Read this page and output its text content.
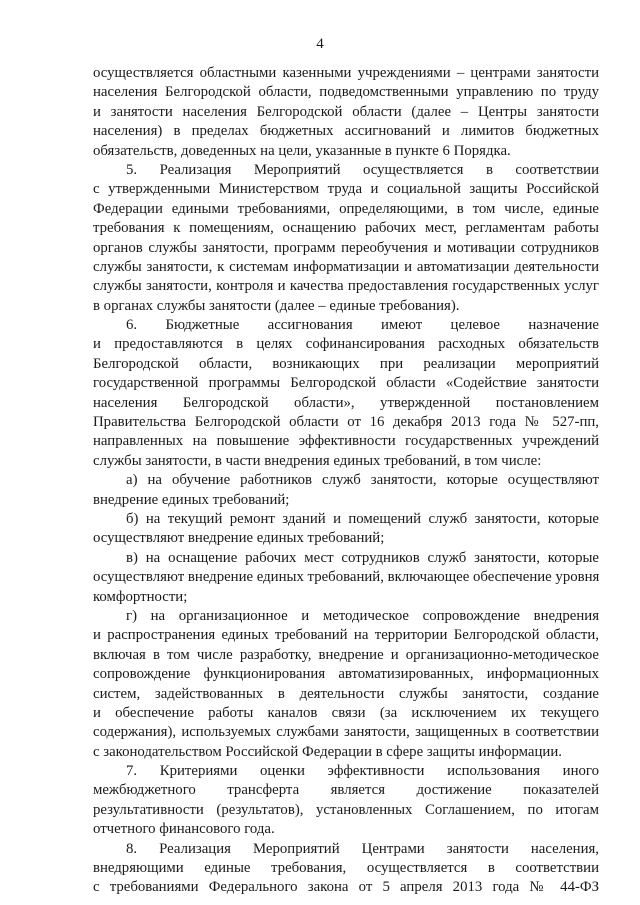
4
осуществляется областными казенными учреждениями – центрами занятости
населения Белгородской области, подведомственными управлению по труду
и занятости населения Белгородской области (далее – Центры занятости
населения) в пределах бюджетных ассигнований и лимитов бюджетных
обязательств, доведенных на цели, указанные в пункте 6 Порядка.
5. Реализация Мероприятий осуществляется в соответствии
с утвержденными Министерством труда и социальной защиты Российской
Федерации едиными требованиями, определяющими, в том числе, единые
требования к помещениям, оснащению рабочих мест, регламентам работы
органов службы занятости, программ переобучения и мотивации сотрудников
службы занятости, к системам информатизации и автоматизации деятельности
службы занятости, контроля и качества предоставления государственных услуг
в органах службы занятости (далее – единые требования).
6. Бюджетные ассигнования имеют целевое назначение
и предоставляются в целях софинансирования расходных обязательств
Белгородской области, возникающих при реализации мероприятий
государственной программы Белгородской области «Содействие занятости
населения Белгородской области», утвержденной постановлением
Правительства Белгородской области от 16 декабря 2013 года № 527-пп,
направленных на повышение эффективности государственных учреждений
службы занятости, в части внедрения единых требований, в том числе:
а) на обучение работников служб занятости, которые осуществляют
внедрение единых требований;
б) на текущий ремонт зданий и помещений служб занятости, которые
осуществляют внедрение единых требований;
в) на оснащение рабочих мест сотрудников служб занятости, которые
осуществляют внедрение единых требований, включающее обеспечение уровня
комфортности;
г) на организационное и методическое сопровождение внедрения
и распространения единых требований на территории Белгородской области,
включая в том числе разработку, внедрение и организационно-методическое
сопровождение функционирования автоматизированных, информационных
систем, задействованных в деятельности службы занятости, создание
и обеспечение работы каналов связи (за исключением их текущего
содержания), используемых службами занятости, защищенных в соответствии
с законодательством Российской Федерации в сфере защиты информации.
7. Критериями оценки эффективности использования иного
межбюджетного трансферта является достижение показателей
результативности (результатов), установленных Соглашением, по итогам
отчетного финансового года.
8. Реализация Мероприятий Центрами занятости населения,
внедряющими единые требования, осуществляется в соответствии
с требованиями Федерального закона от 5 апреля 2013 года № 44-ФЗ
